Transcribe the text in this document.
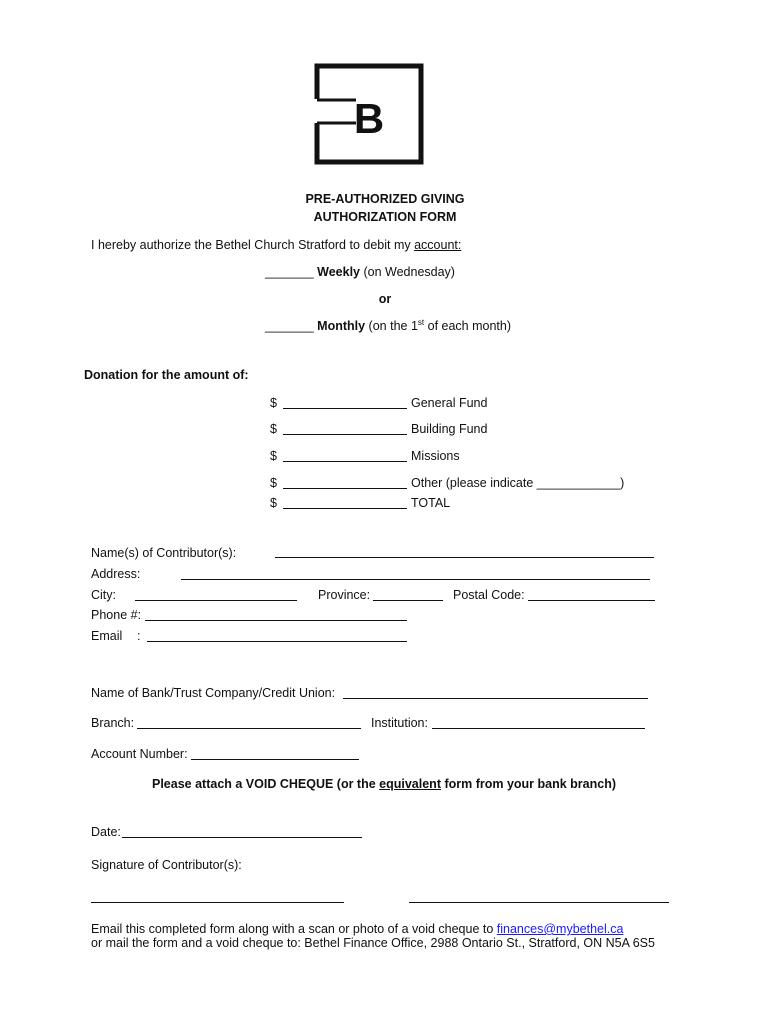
B
PRE-AUTHORIZED GIVING
AUTHORIZATION FORM
I hereby authorize the Bethel Church Stratford to debit my account:
_______ Weekly (on Wednesday)
or
_______ Monthly (on the 1st of each month)
Donation for the amount of:
$	General Fund
$	Building Fund
$	Missions
$	Other (please indicate ____________)
$	TOTAL
Name(s) of Contributor(s):
Address:
City:	Province:	Postal Code:
Phone #:
Email :
Name of Bank/Trust Company/Credit Union:
Branch:	Institution:
Account Number:
Please attach a VOID CHEQUE (or the equivalent form from your bank branch)
Date:
Signature of Contributor(s):
Email this completed form along with a scan or photo of a void cheque to finances@mybethel.ca
or mail the form and a void cheque to: Bethel Finance Office, 2988 Ontario St., Stratford, ON N5A 6S5
